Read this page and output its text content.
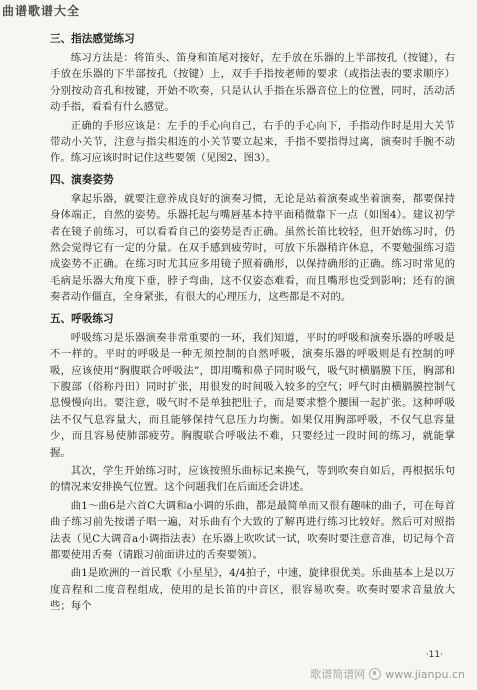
曲谱歌谱大全
三、指法感觉练习

练习方法是：将笛头、笛身和笛尾对接好，左手放在乐器的上半部按孔（按键），右手放在乐器的下半部按孔（按键）上，双手手指按老师的要求（或指法表的要求顺序）分别按动音孔和按键，开始不吹奏，只是认认手指在乐器音位上的位置，同时，活动活动手指，看看有什么感觉。

正确的手形应该是：左手的手心向自己，右手的手心向下，手指动作时是用大关节带动小关节，注意与指尖相连的小关节要立起来，手指不要指得过离，演奏时手腕不动作。练习应该时时记住这些要领（见图2、图3）。

四、演奏姿势

拿起乐器，就要注意养成良好的演奏习惯，无论是站着演奏或坐着演奏，都要保持身体端正，自然的姿势。乐器托起与嘴唇基本持平面稍微靠下一点（如图4）。建议初学者在镜子前练习，可以看看自己的姿势是否正确。虽然长笛比较轻，但开始练习时，仍然会觉得它有一定的分量。在双手感到疲劳时，可放下乐器稍许休息，不要勉强练习造成姿势不正确。在练习时尤其应多用镜子照着确形，以保持确形的正确。练习时常见的毛病是乐器大角度下垂，脖子弯曲，这不仅姿态难看，而且嘴形也受到影响；还有的演奏者动作僵直，全身紧张，有很大的心理压力，这些都是不对的。

五、呼吸练习

呼吸练习是乐器演奏非常重要的一环，我们知道，平时的呼吸和演奏乐器的呼吸是不一样的。平时的呼吸是一种无须控制的自然呼吸，演奏乐器的呼吸则是有控制的呼吸，应该使用“胸腹联合呼吸法”，即用嘴和鼻子同时吸气，吸气时横膈膜下压，胸部和下腹部（俗称丹田）同时扩张，用很发的时间吸入较多的空气；呼气时由横膈膜控制气息慢慢向出。要注意，吸气时不是单独把肚子，而是要求整个腰围一起扩张。这种呼吸法不仅气息容量大，而且能够保持气息压力均衡。如果仅用胸部呼吸，不仅气息容量少，而且容易使肺部疲劳。胸腹联合呼吸法不难，只要经过一段时间的练习，就能掌握。

其次，学生开始练习时，应该按照乐曲标记来换气，等到吹奏自如后，再根据乐句的情况来安排换气位置。这个问题我们在后面还会讲述。

曲1～曲6是六首C大调和a小调的乐曲，都是最简单而又很有趣味的曲子，可在每首曲子练习前先按谱子唱一遍，对乐曲有个大致的了解再进行练习比较好。然后可对照指法表（见C大调音a小调指法表）在乐器上吹吹试一试，吹奏时要注意音准，切记每个音都要使用舌奏（请跟习前面讲过的舌奏要领）。

曲1是欧洲的一首民歌《小星星》，4/4拍子，中速，旋律很优美。乐曲基本上是以万度音程和二度音程组成，使用的是长笛的中音区，很容易吹奏。吹奏时要求音量放大些；每个

·11·
歌谱简谱网 www.jianpu.cn
